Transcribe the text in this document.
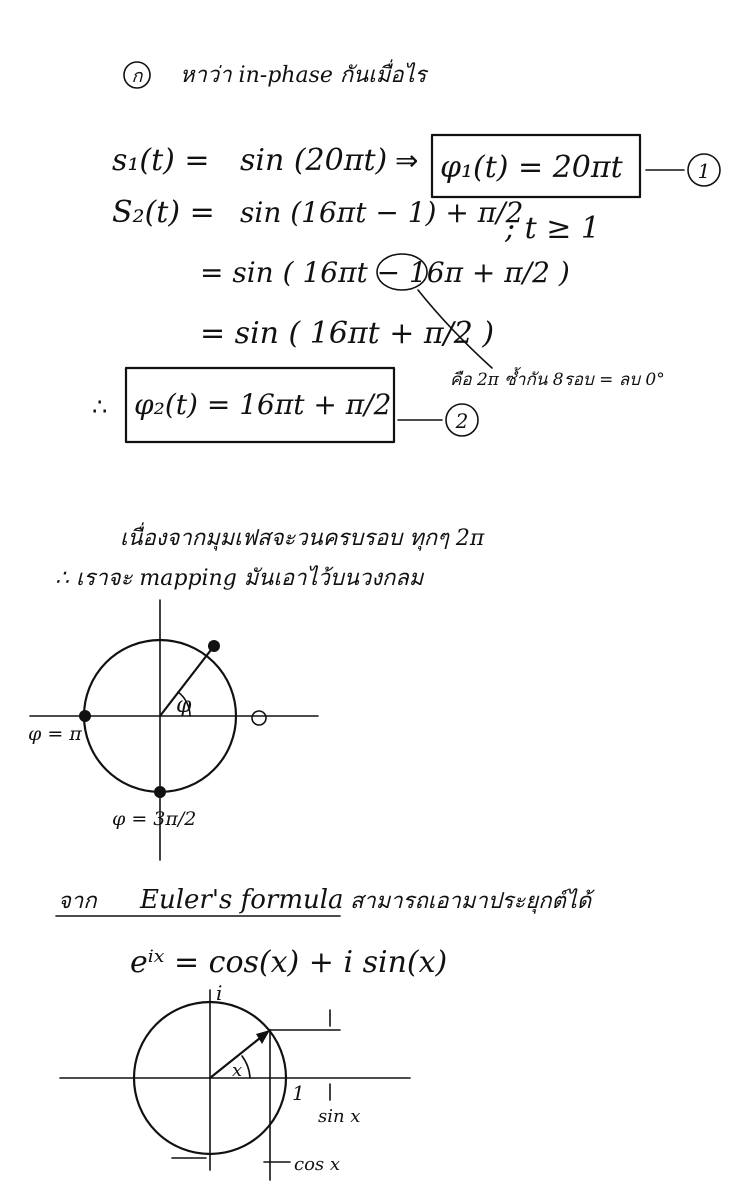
ก หาว่า in-phase กันเมื่อไร
s₁(t) = sin (20πt) ⇒ φ₁(t) = 20πt	1
S₂(t) = sin (16πt − 1) + π/2
; t ≥ 1
= sin ( 16πt − 16π + π/2 )
= sin ( 16πt + π/2 )
คือ 2π ซ้ำกัน 8รอบ = ลบ 0°
∴ φ₂(t) = 16πt + π/2	2
เนื่องจากมุมเฟสจะวนครบรอบ ทุกๆ 2π
∴ เราจะ mapping มันเอาไว้บนวงกลม
φ
φ = π
φ = 3π/2
จาก Euler's formula สามารถเอามาประยุกต์ได้
eⁱˣ = cos(x) + i sin(x)
i
x
1
sin x
cos x
